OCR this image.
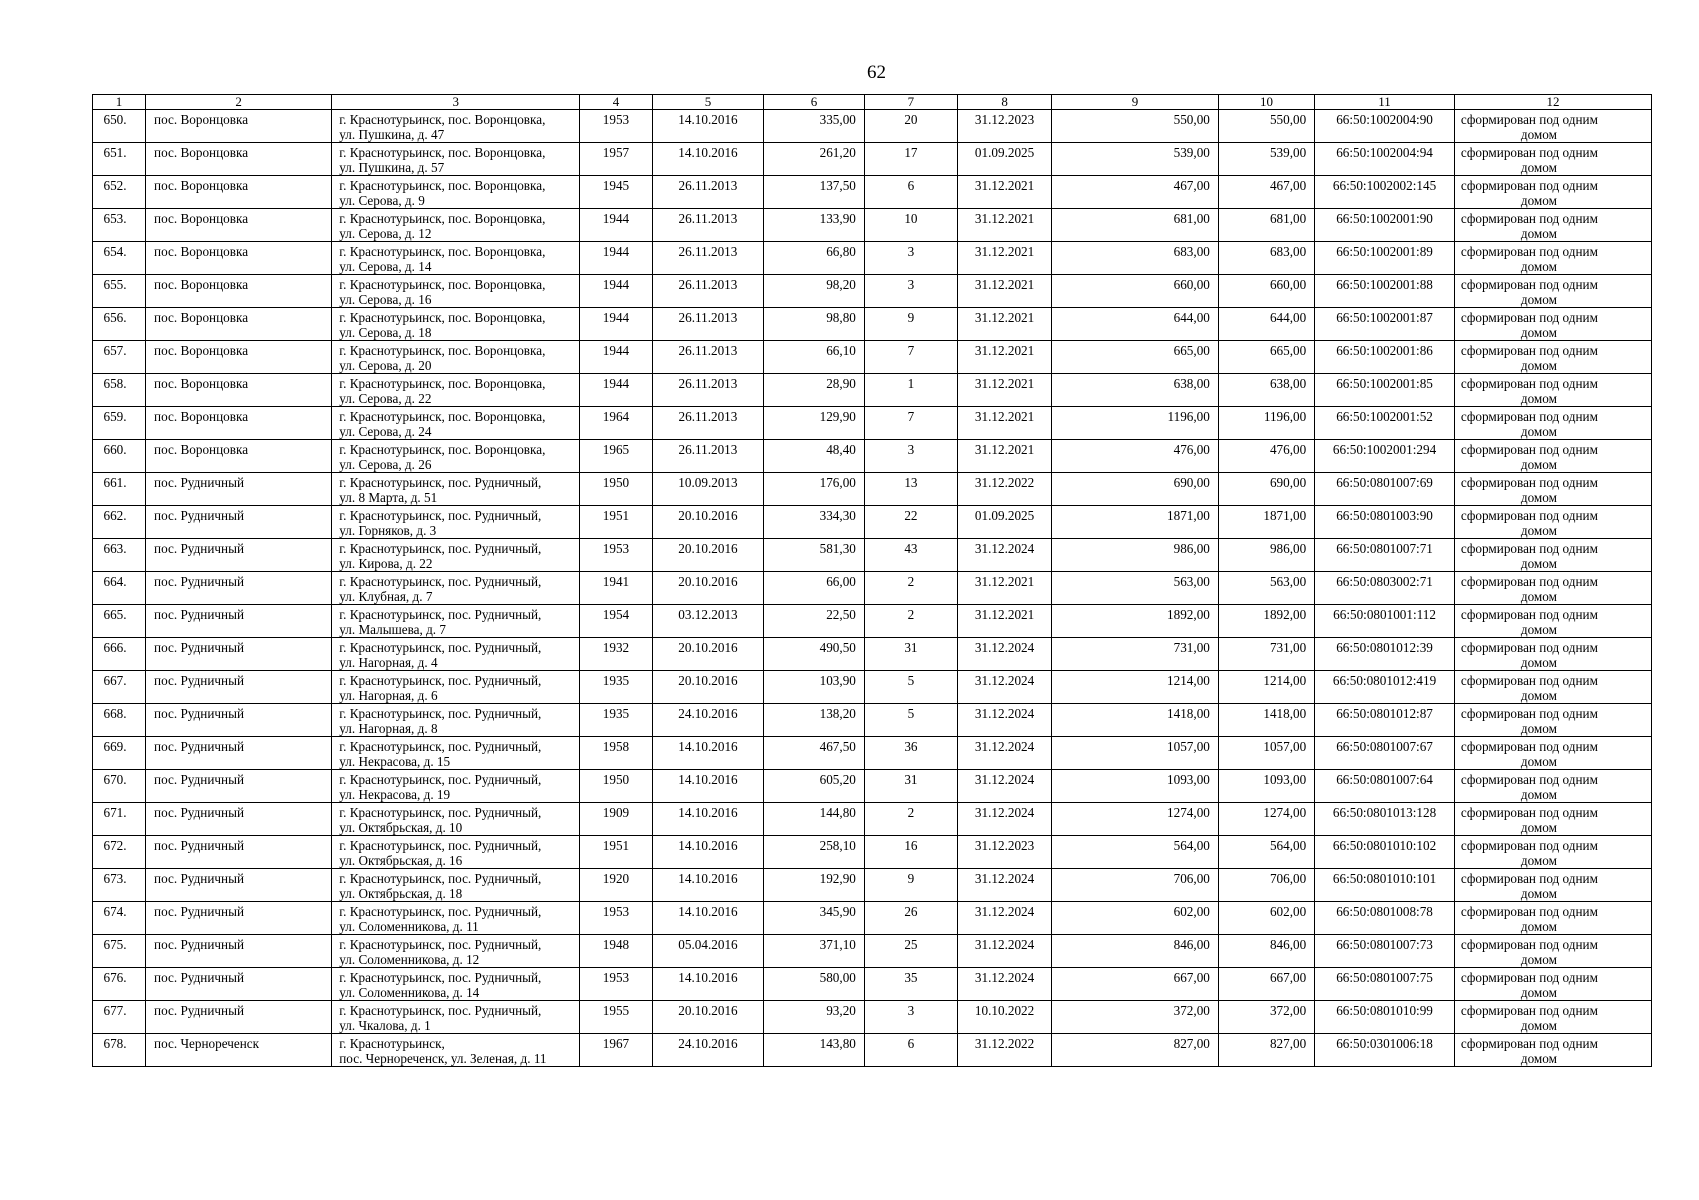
62
1	2	3	4	5	6	7	8	9	10	11	12
650.	пос. Воронцовка	г. Краснотурьинск, пос. Воронцовка,
ул. Пушкина, д. 47	1953	14.10.2016	335,00	20	31.12.2023	550,00	550,00	66:50:1002004:90	сформирован под одним
домом

651.	пос. Воронцовка	г. Краснотурьинск, пос. Воронцовка,
ул. Пушкина, д. 57	1957	14.10.2016	261,20	17	01.09.2025	539,00	539,00	66:50:1002004:94	сформирован под одним
домом

652.	пос. Воронцовка	г. Краснотурьинск, пос. Воронцовка,
ул. Серова, д. 9	1945	26.11.2013	137,50	6	31.12.2021	467,00	467,00	66:50:1002002:145	сформирован под одним
домом

653.	пос. Воронцовка	г. Краснотурьинск, пос. Воронцовка,
ул. Серова, д. 12	1944	26.11.2013	133,90	10	31.12.2021	681,00	681,00	66:50:1002001:90	сформирован под одним
домом

654.	пос. Воронцовка	г. Краснотурьинск, пос. Воронцовка,
ул. Серова, д. 14	1944	26.11.2013	66,80	3	31.12.2021	683,00	683,00	66:50:1002001:89	сформирован под одним
домом

655.	пос. Воронцовка	г. Краснотурьинск, пос. Воронцовка,
ул. Серова, д. 16	1944	26.11.2013	98,20	3	31.12.2021	660,00	660,00	66:50:1002001:88	сформирован под одним
домом

656.	пос. Воронцовка	г. Краснотурьинск, пос. Воронцовка,
ул. Серова, д. 18	1944	26.11.2013	98,80	9	31.12.2021	644,00	644,00	66:50:1002001:87	сформирован под одним
домом

657.	пос. Воронцовка	г. Краснотурьинск, пос. Воронцовка,
ул. Серова, д. 20	1944	26.11.2013	66,10	7	31.12.2021	665,00	665,00	66:50:1002001:86	сформирован под одним
домом

658.	пос. Воронцовка	г. Краснотурьинск, пос. Воронцовка,
ул. Серова, д. 22	1944	26.11.2013	28,90	1	31.12.2021	638,00	638,00	66:50:1002001:85	сформирован под одним
домом

659.	пос. Воронцовка	г. Краснотурьинск, пос. Воронцовка,
ул. Серова, д. 24	1964	26.11.2013	129,90	7	31.12.2021	1196,00	1196,00	66:50:1002001:52	сформирован под одним
домом

660.	пос. Воронцовка	г. Краснотурьинск, пос. Воронцовка,
ул. Серова, д. 26	1965	26.11.2013	48,40	3	31.12.2021	476,00	476,00	66:50:1002001:294	сформирован под одним
домом

661.	пос. Рудничный	г. Краснотурьинск, пос. Рудничный,
ул. 8 Марта, д. 51	1950	10.09.2013	176,00	13	31.12.2022	690,00	690,00	66:50:0801007:69	сформирован под одним
домом

662.	пос. Рудничный	г. Краснотурьинск, пос. Рудничный,
ул. Горняков, д. 3	1951	20.10.2016	334,30	22	01.09.2025	1871,00	1871,00	66:50:0801003:90	сформирован под одним
домом

663.	пос. Рудничный	г. Краснотурьинск, пос. Рудничный,
ул. Кирова, д. 22	1953	20.10.2016	581,30	43	31.12.2024	986,00	986,00	66:50:0801007:71	сформирован под одним
домом

664.	пос. Рудничный	г. Краснотурьинск, пос. Рудничный,
ул. Клубная, д. 7	1941	20.10.2016	66,00	2	31.12.2021	563,00	563,00	66:50:0803002:71	сформирован под одним
домом

665.	пос. Рудничный	г. Краснотурьинск, пос. Рудничный,
ул. Малышева, д. 7	1954	03.12.2013	22,50	2	31.12.2021	1892,00	1892,00	66:50:0801001:112	сформирован под одним
домом

666.	пос. Рудничный	г. Краснотурьинск, пос. Рудничный,
ул. Нагорная, д. 4	1932	20.10.2016	490,50	31	31.12.2024	731,00	731,00	66:50:0801012:39	сформирован под одним
домом

667.	пос. Рудничный	г. Краснотурьинск, пос. Рудничный,
ул. Нагорная, д. 6	1935	20.10.2016	103,90	5	31.12.2024	1214,00	1214,00	66:50:0801012:419	сформирован под одним
домом

668.	пос. Рудничный	г. Краснотурьинск, пос. Рудничный,
ул. Нагорная, д. 8	1935	24.10.2016	138,20	5	31.12.2024	1418,00	1418,00	66:50:0801012:87	сформирован под одним
домом

669.	пос. Рудничный	г. Краснотурьинск, пос. Рудничный,
ул. Некрасова, д. 15	1958	14.10.2016	467,50	36	31.12.2024	1057,00	1057,00	66:50:0801007:67	сформирован под одним
домом

670.	пос. Рудничный	г. Краснотурьинск, пос. Рудничный,
ул. Некрасова, д. 19	1950	14.10.2016	605,20	31	31.12.2024	1093,00	1093,00	66:50:0801007:64	сформирован под одним
домом

671.	пос. Рудничный	г. Краснотурьинск, пос. Рудничный,
ул. Октябрьская, д. 10	1909	14.10.2016	144,80	2	31.12.2024	1274,00	1274,00	66:50:0801013:128	сформирован под одним
домом

672.	пос. Рудничный	г. Краснотурьинск, пос. Рудничный,
ул. Октябрьская, д. 16	1951	14.10.2016	258,10	16	31.12.2023	564,00	564,00	66:50:0801010:102	сформирован под одним
домом

673.	пос. Рудничный	г. Краснотурьинск, пос. Рудничный,
ул. Октябрьская, д. 18	1920	14.10.2016	192,90	9	31.12.2024	706,00	706,00	66:50:0801010:101	сформирован под одним
домом

674.	пос. Рудничный	г. Краснотурьинск, пос. Рудничный,
ул. Соломенникова, д. 11	1953	14.10.2016	345,90	26	31.12.2024	602,00	602,00	66:50:0801008:78	сформирован под одним
домом

675.	пос. Рудничный	г. Краснотурьинск, пос. Рудничный,
ул. Соломенникова, д. 12	1948	05.04.2016	371,10	25	31.12.2024	846,00	846,00	66:50:0801007:73	сформирован под одним
домом

676.	пос. Рудничный	г. Краснотурьинск, пос. Рудничный,
ул. Соломенникова, д. 14	1953	14.10.2016	580,00	35	31.12.2024	667,00	667,00	66:50:0801007:75	сформирован под одним
домом

677.	пос. Рудничный	г. Краснотурьинск, пос. Рудничный,
ул. Чкалова, д. 1	1955	20.10.2016	93,20	3	10.10.2022	372,00	372,00	66:50:0801010:99	сформирован под одним
домом

678.	пос. Чернореченск	г. Краснотурьинск,
пос. Чернореченск, ул. Зеленая, д. 11	1967	24.10.2016	143,80	6	31.12.2022	827,00	827,00	66:50:0301006:18	сформирован под одним
домом
